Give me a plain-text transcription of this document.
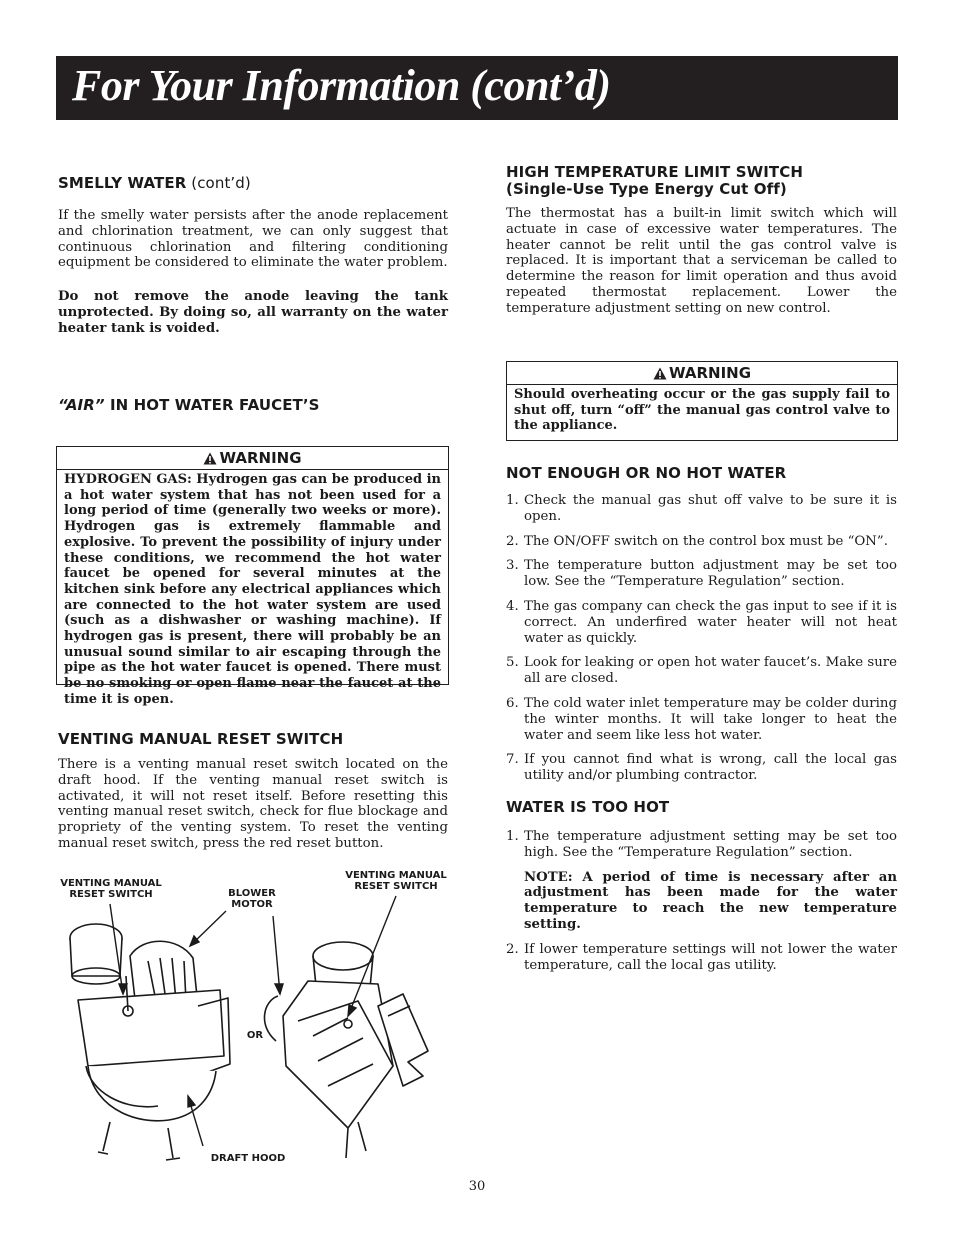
For Your Information (cont’d)

SMELLY WATER (cont’d)

If the smelly water persists after the anode replacement and chlorination treatment, we can only suggest that continuous chlorination and filtering conditioning equipment be considered to eliminate the water problem.

Do not remove the anode leaving the tank unprotected. By doing so, all warranty on the water heater tank is voided.

“AIR” IN HOT WATER FAUCET’S

WARNING
HYDROGEN GAS: Hydrogen gas can be produced in a hot water system that has not been used for a long period of time (generally two weeks or more). Hydrogen gas is extremely flammable and explosive. To prevent the possibility of injury under these conditions, we recommend the hot water faucet be opened for several minutes at the kitchen sink before any electrical appliances which are connected to the hot water system are used (such as a dishwasher or washing machine). If hydrogen gas is present, there will probably be an unusual sound similar to air escaping through the pipe as the hot water faucet is opened. There must be no smoking or open flame near the faucet at the time it is open.

VENTING MANUAL RESET SWITCH

There is a venting manual reset switch located on the draft hood. If the venting manual reset switch is activated, it will not reset itself. Before resetting this venting manual reset switch, check for flue blockage and propriety of the venting system. To reset the venting manual reset switch, press the red reset button.

VENTING MANUAL RESET SWITCH	BLOWER MOTOR
VENTING MANUAL RESET SWITCH
OR
DRAFT HOOD

HIGH TEMPERATURE LIMIT SWITCH

(Single-Use Type Energy Cut Off)

The thermostat has a built-in limit switch which will actuate in case of excessive water temperatures. The heater cannot be relit until the gas control valve is replaced. It is important that a serviceman be called to determine the reason for limit operation and thus avoid repeated thermostat replacement. Lower the temperature adjustment setting on new control.

WARNING
Should overheating occur or the gas supply fail to shut off, turn “off” the manual gas control valve to the appliance.

NOT ENOUGH OR NO HOT WATER

1. Check the manual gas shut off valve to be sure it is open.
2. The ON/OFF switch on the control box must be “ON”.
3. The temperature button adjustment may be set too low. See the “Temperature Regulation” section.
4. The gas company can check the gas input to see if it is correct. An underfired water heater will not heat water as quickly.
5. Look for leaking or open hot water faucet’s. Make sure all are closed.
6. The cold water inlet temperature may be colder during the winter months. It will take longer to heat the water and seem like less hot water.
7. If you cannot find what is wrong, call the local gas utility and/or plumbing contractor.

WATER IS TOO HOT

1. The temperature adjustment setting may be set too high. See the “Temperature Regulation” section.
NOTE: A period of time is necessary after an adjustment has been made for the water temperature to reach the new temperature setting.
2. If lower temperature settings will not lower the water temperature, call the local gas utility.
30
